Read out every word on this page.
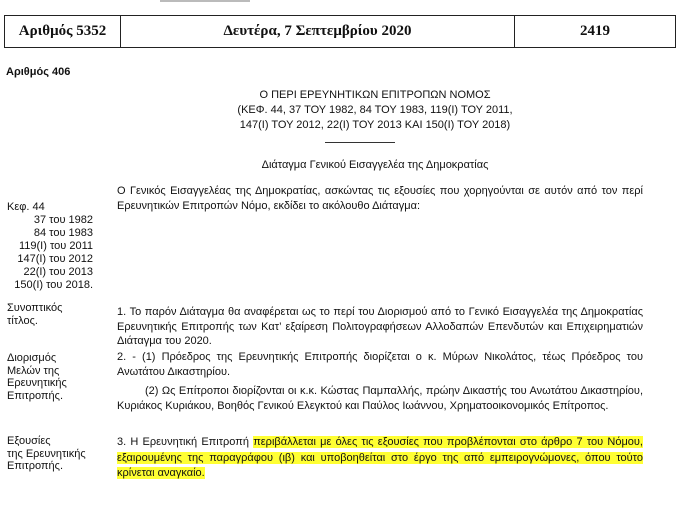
Αριθμός 5352	Δευτέρα, 7 Σεπτεμβρίου 2020	2419
Αριθμός 406
Ο ΠΕΡΙ ΕΡΕΥΝΗΤΙΚΩΝ ΕΠΙΤΡΟΠΩΝ ΝΟΜΟΣ
(ΚΕΦ. 44, 37 ΤΟΥ 1982, 84 ΤΟΥ 1983, 119(Ι) ΤΟΥ 2011,
147(Ι) ΤΟΥ 2012, 22(Ι) ΤΟΥ 2013 ΚΑΙ 150(Ι) ΤΟΥ 2018)
Διάταγμα Γενικού Εισαγγελέα της Δημοκρατίας
Ο Γενικός Εισαγγελέας της Δημοκρατίας, ασκώντας τις εξουσίες που χορηγούνται σε αυτόν από τον περί Ερευνητικών Επιτροπών Νόμο, εκδίδει το ακόλουθο Διάταγμα:
Κεφ. 44
37 του 1982
84 του 1983
119(Ι) του 2011
147(Ι) του 2012
22(Ι) του 2013
150(Ι) του 2018.
Συνοπτικός
τίτλος.
1. Το παρόν Διάταγμα θα αναφέρεται ως το περί του Διορισμού από το Γενικό Εισαγγελέα της Δημοκρατίας Ερευνητικής Επιτροπής των Κατ’ εξαίρεση Πολιτογραφήσεων Αλλοδαπών Επενδυτών και Επιχειρηματιών Διάταγμα του 2020.
Διορισμός
Μελών της
Ερευνητικής
Επιτροπής.
2. - (1) Πρόεδρος της Ερευνητικής Επιτροπής διορίζεται ο κ. Μύρων Νικολάτος, τέως Πρόεδρος του Ανωτάτου Δικαστηρίου.
(2) Ως Επίτροποι διορίζονται οι κ.κ. Κώστας Παμπαλλής, πρώην Δικαστής του Ανωτάτου Δικαστηρίου, Κυριάκος Κυριάκου, Βοηθός Γενικού Ελεγκτού και Παύλος Ιωάννου, Χρηματοοικονομικός Επίτροπος.
Εξουσίες
της Ερευνητικής
Επιτροπής.
3. Η Ερευνητική Επιτροπή περιβάλλεται με όλες τις εξουσίες που προβλέπονται στο άρθρο 7 του Νόμου, εξαιρουμένης της παραγράφου (ιβ) και υποβοηθείται στο έργο της από εμπειρογνώμονες, όπου τούτο κρίνεται αναγκαίο.
